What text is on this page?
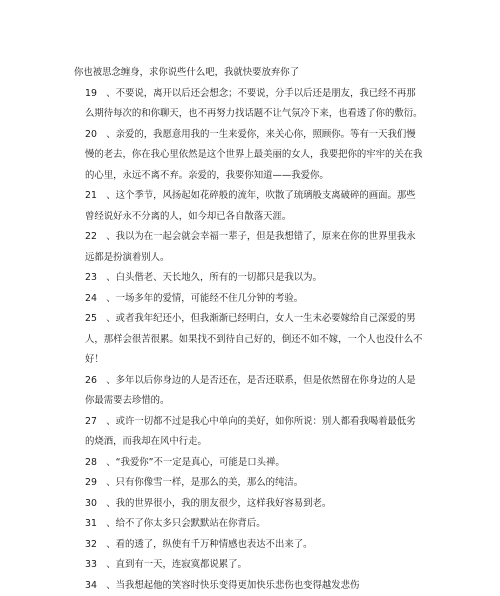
你也被思念缠身，求你说些什么吧，我就快要放弃你了

19　、不要说，离开以后还会想念；不要说，分手以后还是朋友，我已经不再那
么期待每次的和你聊天，也不再努力找话题不让气氛冷下来，也看透了你的敷衍。

20　、亲爱的，我愿意用我的一生来爱你，来关心你，照顾你。等有一天我们慢
慢的老去，你在我心里依然是这个世界上最美丽的女人，我要把你的牢牢的关在我
的心里，永远不离不弃。亲爱的，我要你知道——我爱你。

21　、这个季节，风扬起如花碎般的流年，吹散了琉璃般支离破碎的画面。那些
曾经说好永不分离的人，如今却已各自散落天涯。

22　、我以为在一起会就会幸福一辈子，但是我想错了，原来在你的世界里我永
远都是扮演着别人。

23　、白头偕老、天长地久，所有的一切都只是我以为。

24　、一场多年的爱情，可能经不住几分钟的考验。

25　、或者我年纪还小，但我渐渐已经明白，女人一生未必要嫁给自己深爱的男
人，那样会很苦很累。如果找不到待自己好的，倒还不如不嫁，一个人也没什么不
好！

26　、多年以后你身边的人是否还在，是否还联系，但是依然留在你身边的人是
你最需要去珍惜的。

27　、或许一切都不过是我心中单向的美好，如你所说：别人都看我喝着最低劣
的烧酒，而我却在风中行走。

28　、“我爱你”不一定是真心，可能是口头禅。

29　、只有你像雪一样，是那么的美，那么的纯洁。

30　、我的世界很小，我的朋友很少，这样我好容易到老。

31　、给不了你太多只会默默站在你背后。

32　、看的透了，纵使有千万种情感也表达不出来了。

33　、直到有一天，连寂寞都说累了。

34　、当我想起他的笑容时快乐变得更加快乐悲伤也变得越发悲伤
